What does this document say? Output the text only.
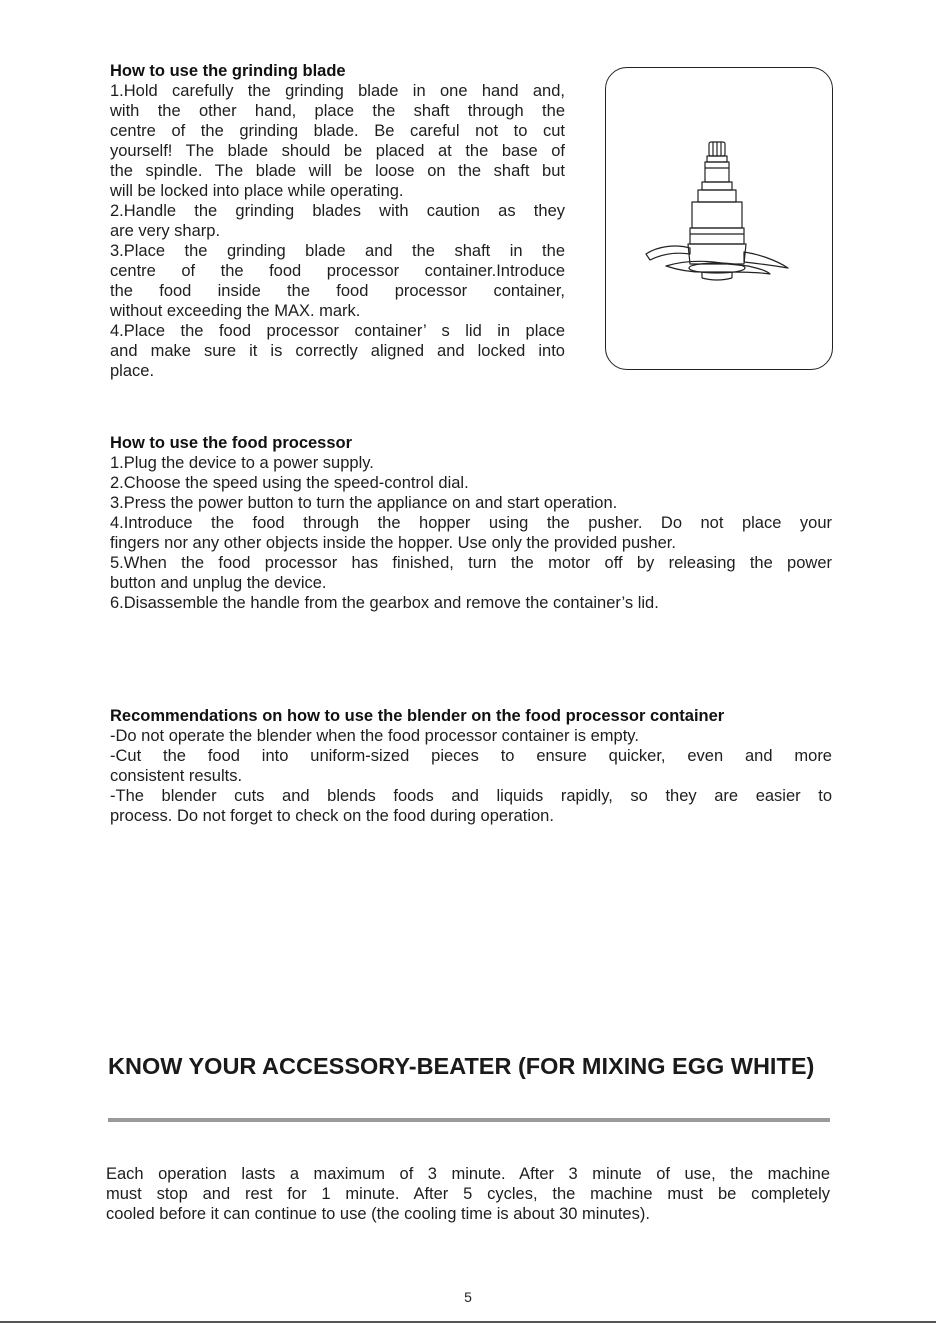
How to use the grinding blade

1.Hold carefully the grinding blade in one hand and,
with the other hand, place the shaft through the
centre of the grinding blade. Be careful not to cut
yourself! The blade should be placed at the base of
the spindle. The blade will be loose on the shaft but
will be locked into place while operating.
2.Handle the grinding blades with caution as they
are very sharp.
3.Place the grinding blade and the shaft in the
centre of the food processor container.Introduce
the food inside the food processor container,
without exceeding the MAX. mark.
4.Place the food processor container’ s lid in place
and make sure it is correctly aligned and locked into
place.

How to use the food processor

1.Plug the device to a power supply.
2.Choose the speed using the speed-control dial.
3.Press the power button to turn the appliance on and start operation.
4.Introduce the food through the hopper using the pusher. Do not place your
fingers nor any other objects inside the hopper. Use only the provided pusher.
5.When the food processor has finished, turn the motor off by releasing the power
button and unplug the device.
6.Disassemble the handle from the gearbox and remove the container’s lid.

Recommendations on how to use the blender on the food processor container

-Do not operate the blender when the food processor container is empty.
-Cut the food into uniform-sized pieces to ensure quicker, even and more
consistent results.
-The blender cuts and blends foods and liquids rapidly, so they are easier to
process. Do not forget to check on the food during operation.

KNOW YOUR ACCESSORY-BEATER (FOR MIXING EGG WHITE)

Each operation lasts a maximum of 3 minute. After 3 minute of use, the machine
must stop and rest for 1 minute. After 5 cycles, the machine must be completely
cooled before it can continue to use (the cooling time is about 30 minutes).

5
